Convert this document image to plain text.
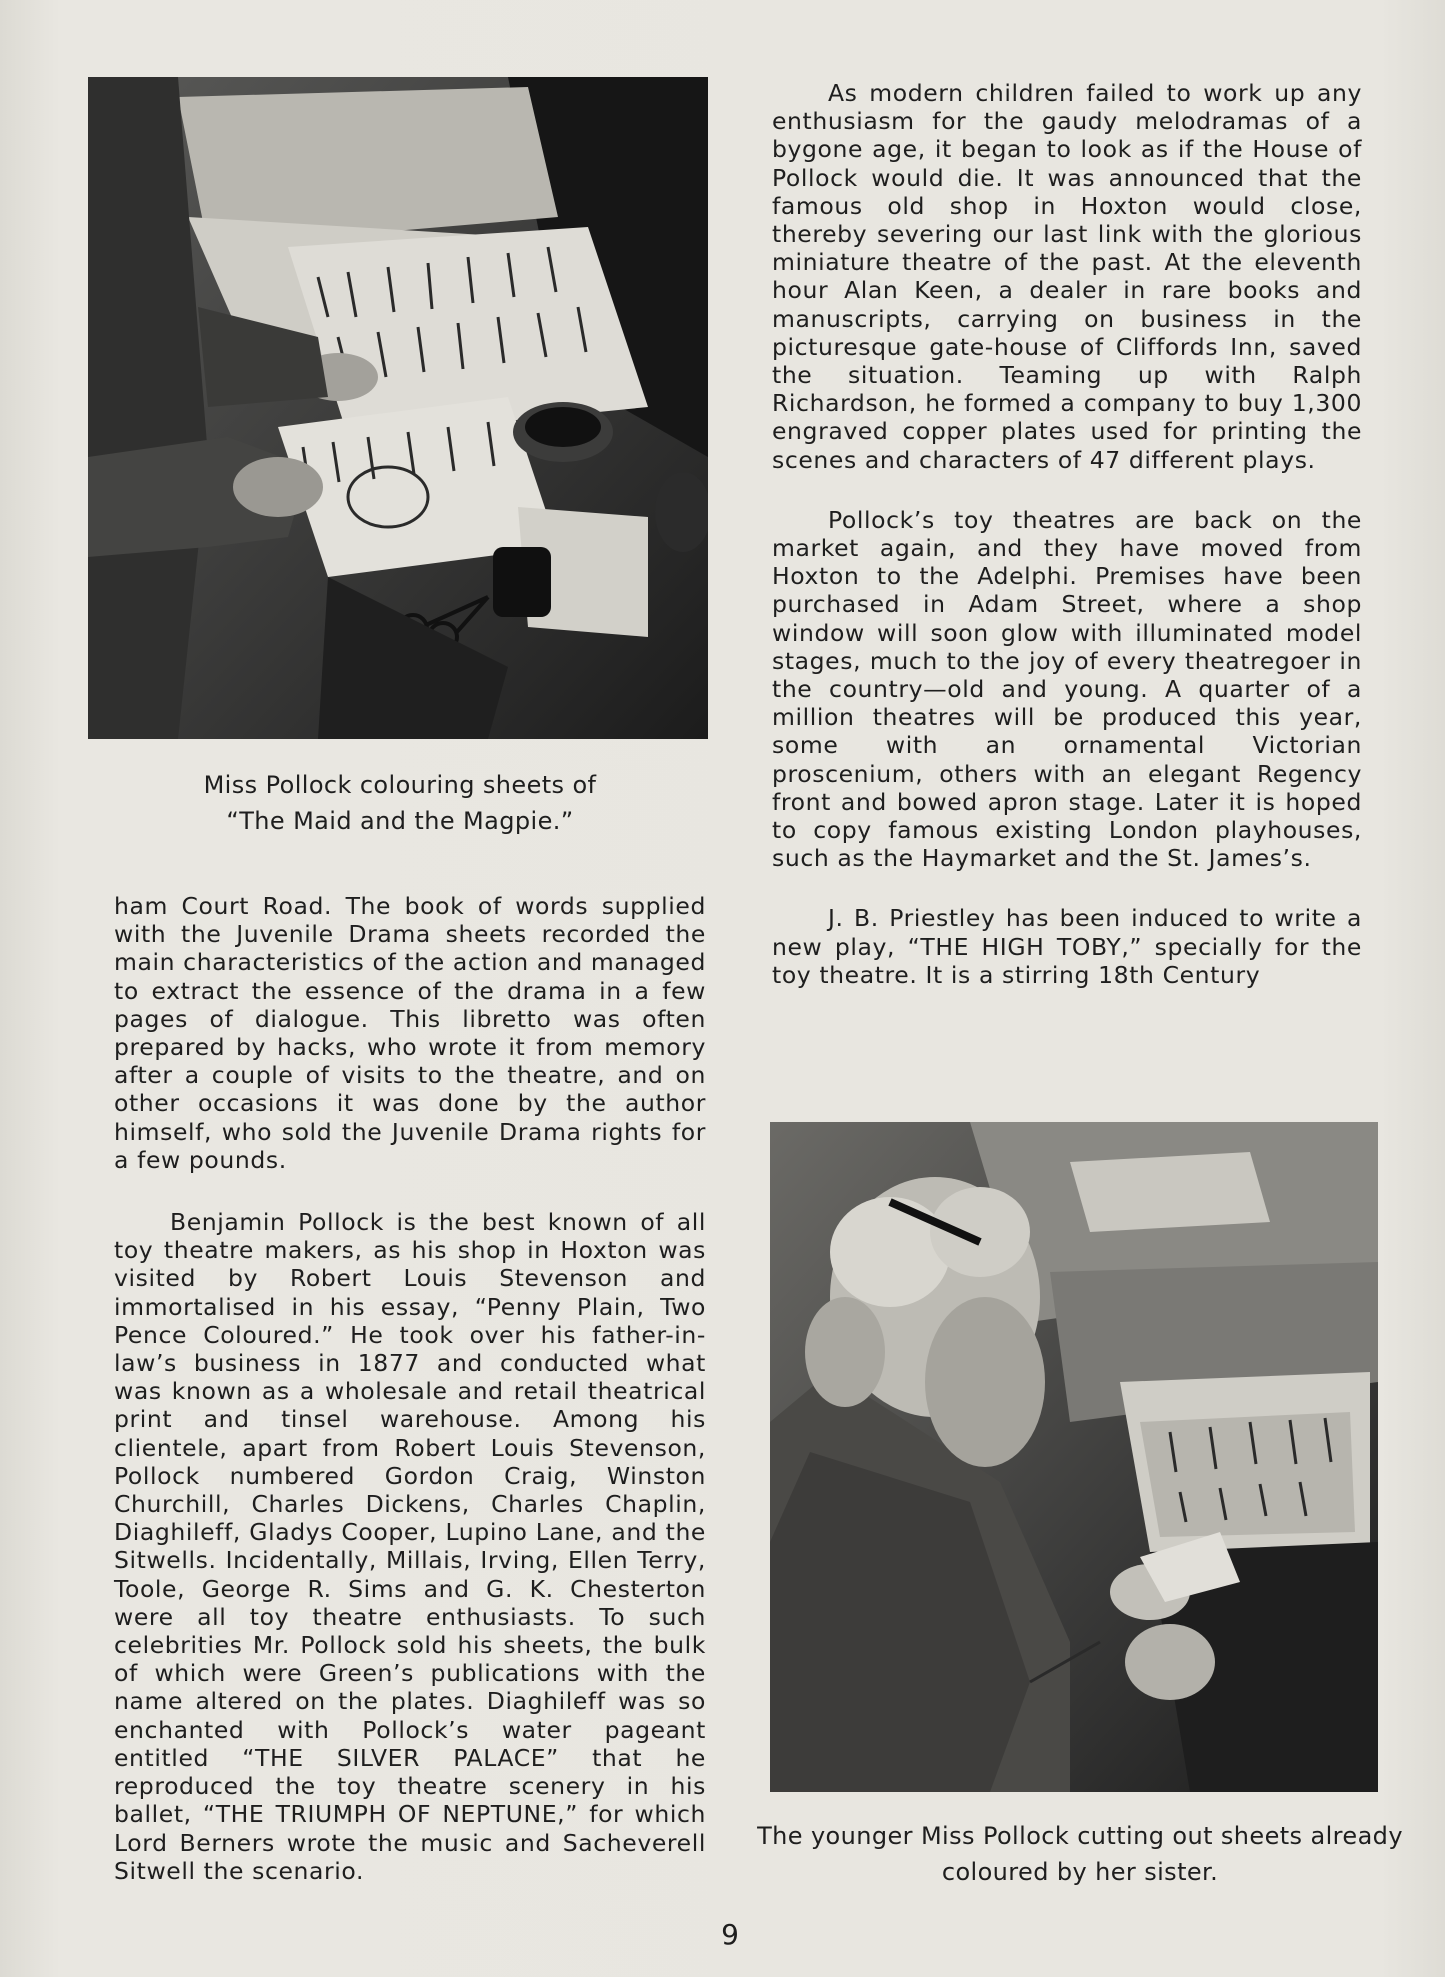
Miss Pollock colouring sheets of
“The Maid and the Magpie.”

ham Court Road. The book of words supplied with the Juvenile Drama sheets recorded the main characteristics of the action and managed to extract the essence of the drama in a few pages of dialogue. This libretto was often prepared by hacks, who wrote it from memory after a couple of visits to the theatre, and on other occasions it was done by the author himself, who sold the Juvenile Drama rights for a few pounds.

Benjamin Pollock is the best known of all toy theatre makers, as his shop in Hoxton was visited by Robert Louis Stevenson and immortalised in his essay, “Penny Plain, Two Pence Coloured.” He took over his father-in-law’s business in 1877 and conducted what was known as a wholesale and retail theatrical print and tinsel warehouse. Among his clientele, apart from Robert Louis Stevenson, Pollock numbered Gordon Craig, Winston Churchill, Charles Dickens, Charles Chaplin, Diaghileff, Gladys Cooper, Lupino Lane, and the Sitwells. Incidentally, Millais, Irving, Ellen Terry, Toole, George R. Sims and G. K. Chesterton were all toy theatre enthusiasts. To such celebrities Mr. Pollock sold his sheets, the bulk of which were Green’s publications with the name altered on the plates. Diaghileff was so enchanted with Pollock’s water pageant entitled “THE SILVER PALACE” that he reproduced the toy theatre scenery in his ballet, “THE TRIUMPH OF NEPTUNE,” for which Lord Berners wrote the music and Sacheverell Sitwell the scenario.

As modern children failed to work up any enthusiasm for the gaudy melodramas of a bygone age, it began to look as if the House of Pollock would die. It was announced that the famous old shop in Hoxton would close, thereby severing our last link with the glorious miniature theatre of the past. At the eleventh hour Alan Keen, a dealer in rare books and manuscripts, carrying on business in the picturesque gate-house of Cliffords Inn, saved the situation. Teaming up with Ralph Richardson, he formed a company to buy 1,300 engraved copper plates used for printing the scenes and characters of 47 different plays.

Pollock’s toy theatres are back on the market again, and they have moved from Hoxton to the Adelphi. Premises have been purchased in Adam Street, where a shop window will soon glow with illuminated model stages, much to the joy of every theatregoer in the country—old and young. A quarter of a million theatres will be produced this year, some with an ornamental Victorian proscenium, others with an elegant Regency front and bowed apron stage. Later it is hoped to copy famous existing London playhouses, such as the Haymarket and the St. James’s.

J. B. Priestley has been induced to write a new play, “THE HIGH TOBY,” specially for the toy theatre. It is a stirring 18th Century

The younger Miss Pollock cutting out sheets already
coloured by her sister.
9
